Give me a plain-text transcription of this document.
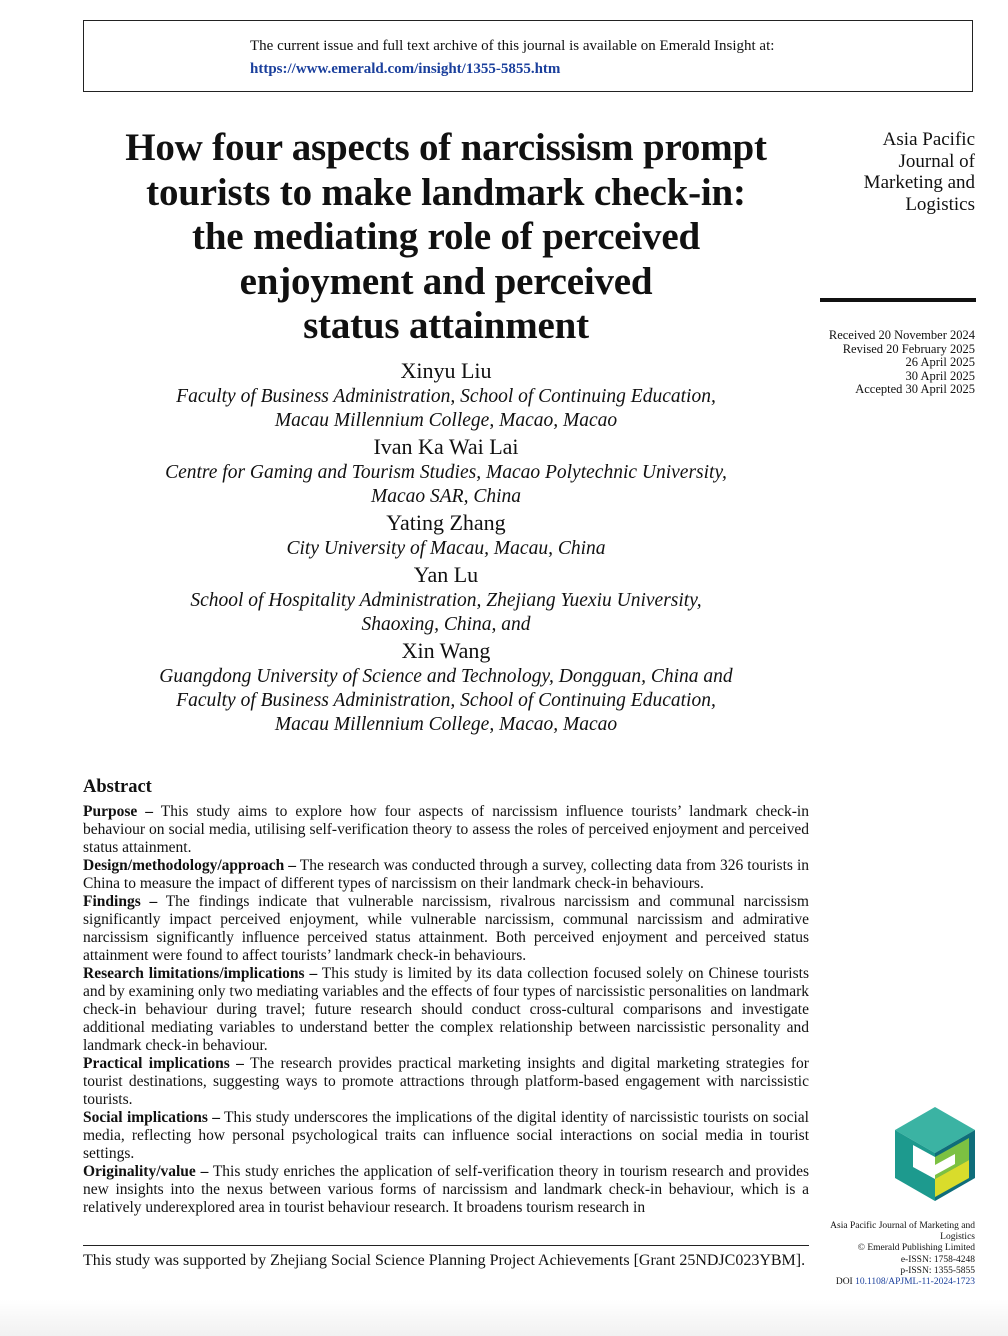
The current issue and full text archive of this journal is available on Emerald Insight at:
https://www.emerald.com/insight/1355-5855.htm
How four aspects of narcissism prompt
tourists to make landmark check-in:
the mediating role of perceived
enjoyment and perceived
status attainment
Asia Pacific
Journal of
Marketing and
Logistics
Received 20 November 2024
Revised 20 February 2025
26 April 2025
30 April 2025
Accepted 30 April 2025
Xinyu Liu
Faculty of Business Administration, School of Continuing Education,
Macau Millennium College, Macao, Macao
Ivan Ka Wai Lai
Centre for Gaming and Tourism Studies, Macao Polytechnic University,
Macao SAR, China
Yating Zhang
City University of Macau, Macau, China
Yan Lu
School of Hospitality Administration, Zhejiang Yuexiu University,
Shaoxing, China, and
Xin Wang
Guangdong University of Science and Technology, Dongguan, China and
Faculty of Business Administration, School of Continuing Education,
Macau Millennium College, Macao, Macao
Abstract

Purpose – This study aims to explore how four aspects of narcissism influence tourists’ landmark check-in behaviour on social media, utilising self-verification theory to assess the roles of perceived enjoyment and perceived status attainment.

Design/methodology/approach – The research was conducted through a survey, collecting data from 326 tourists in China to measure the impact of different types of narcissism on their landmark check-in behaviours.

Findings – The findings indicate that vulnerable narcissism, rivalrous narcissism and communal narcissism significantly impact perceived enjoyment, while vulnerable narcissism, communal narcissism and admirative narcissism significantly influence perceived status attainment. Both perceived enjoyment and perceived status attainment were found to affect tourists’ landmark check-in behaviours.

Research limitations/implications – This study is limited by its data collection focused solely on Chinese tourists and by examining only two mediating variables and the effects of four types of narcissistic personalities on landmark check-in behaviour during travel; future research should conduct cross-cultural comparisons and investigate additional mediating variables to understand better the complex relationship between narcissistic personality and landmark check-in behaviour.

Practical implications – The research provides practical marketing insights and digital marketing strategies for tourist destinations, suggesting ways to promote attractions through platform-based engagement with narcissistic tourists.

Social implications – This study underscores the implications of the digital identity of narcissistic tourists on social media, reflecting how personal psychological traits can influence social interactions on social media in tourist settings.

Originality/value – This study enriches the application of self-verification theory in tourism research and provides new insights into the nexus between various forms of narcissism and landmark check-in behaviour, which is a relatively underexplored area in tourist behaviour research. It broadens tourism research in

This study was supported by Zhejiang Social Science Planning Project Achievements [Grant 25NDJC023YBM].
Asia Pacific Journal of Marketing and
Logistics
© Emerald Publishing Limited
e-ISSN: 1758-4248
p-ISSN: 1355-5855
DOI 10.1108/APJML-11-2024-1723
